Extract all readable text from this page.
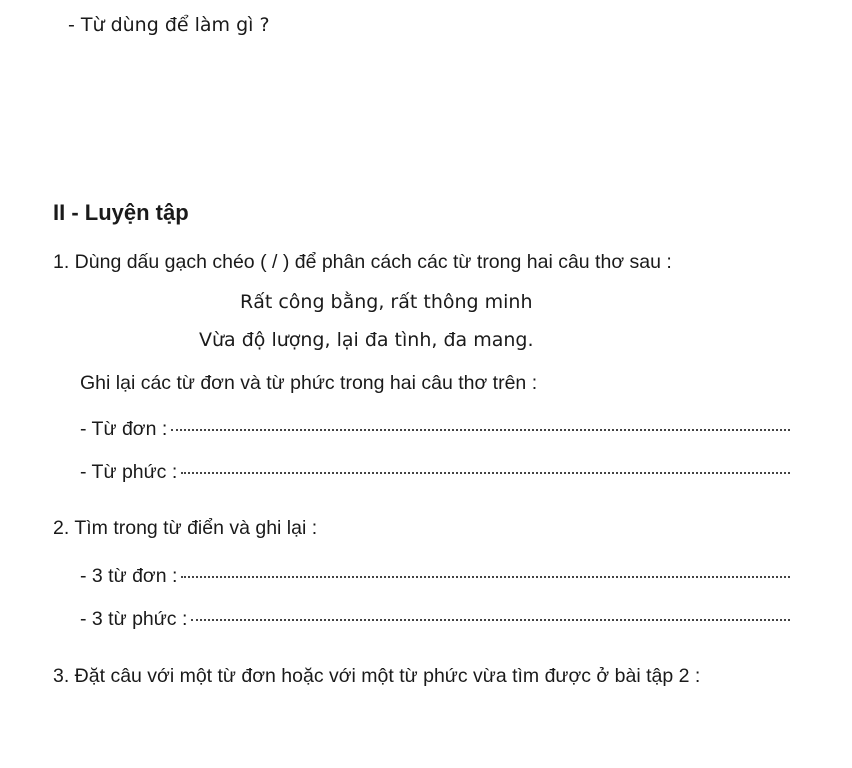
- Từ dùng để làm gì ?
II - Luyện tập
1. Dùng dấu gạch chéo ( / ) để phân cách các từ trong hai câu thơ sau :
Rất công bằng, rất thông minh
Vừa độ lượng, lại đa tình, đa mang.
Ghi lại các từ đơn và từ phức trong hai câu thơ trên :
- Từ đơn :
- Từ phức :
2. Tìm trong từ điển và ghi lại :
- 3 từ đơn :
- 3 từ phức :
3. Đặt câu với một từ đơn hoặc với một từ phức vừa tìm được ở bài tập 2 :
